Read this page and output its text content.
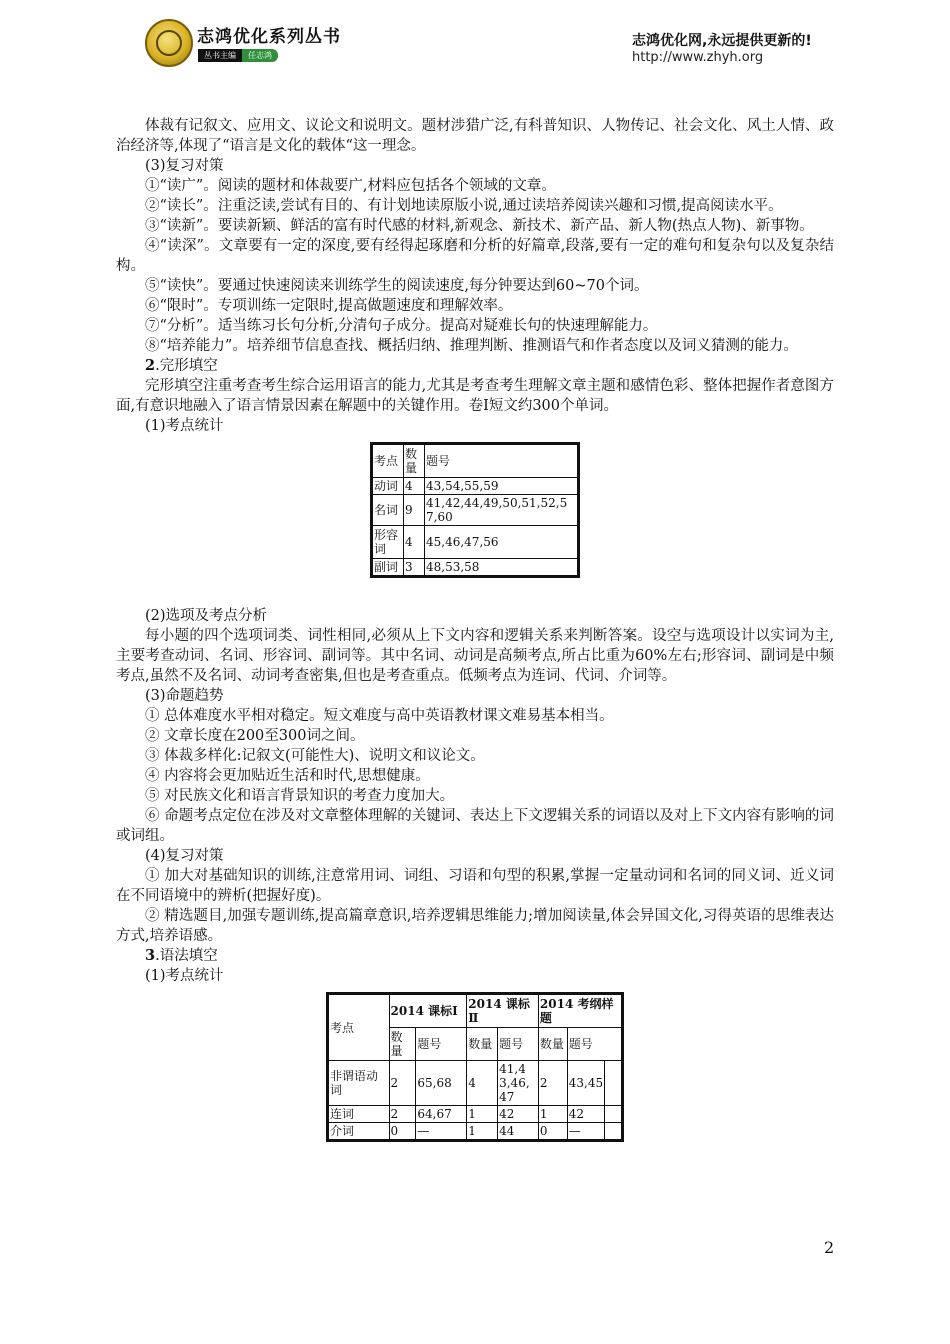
志鸿优化系列丛书
丛书主编	任志鸿
志鸿优化网,永远提供更新的!
http://www.zhyh.org

体裁有记叙文、应用文、议论文和说明文。题材涉猎广泛,有科普知识、人物传记、社会文化、风土人情、政治经济等,体现了“语言是文化的载体“这一理念。

(3)复习对策

①“读广”。阅读的题材和体裁要广,材料应包括各个领域的文章。

②“读长”。注重泛读,尝试有目的、有计划地读原版小说,通过读培养阅读兴趣和习惯,提高阅读水平。

③“读新”。要读新颖、鲜活的富有时代感的材料,新观念、新技术、新产品、新人物(热点人物)、新事物。

④“读深”。文章要有一定的深度,要有经得起琢磨和分析的好篇章,段落,要有一定的难句和复杂句以及复杂结构。

⑤“读快”。要通过快速阅读来训练学生的阅读速度,每分钟要达到60~70个词。

⑥“限时”。专项训练一定限时,提高做题速度和理解效率。

⑦“分析”。适当练习长句分析,分清句子成分。提高对疑难长句的快速理解能力。

⑧“培养能力”。培养细节信息查找、概括归纳、推理判断、推测语气和作者态度以及词义猜测的能力。

2.完形填空

完形填空注重考查考生综合运用语言的能力,尤其是考查考生理解文章主题和感情色彩、整体把握作者意图方面,有意识地融入了语言情景因素在解题中的关键作用。卷Ⅰ短文约300个单词。

(1)考点统计

考点	数量	题号
动词	4	43,54,55,59
名词	9	41,42,44,49,50,51,52,57,60
形容词	4	45,46,47,56
副词	3	48,53,58

(2)选项及考点分析

每小题的四个选项词类、词性相同,必须从上下文内容和逻辑关系来判断答案。设空与选项设计以实词为主,主要考查动词、名词、形容词、副词等。其中名词、动词是高频考点,所占比重为60%左右;形容词、副词是中频考点,虽然不及名词、动词考查密集,但也是考查重点。低频考点为连词、代词、介词等。

(3)命题趋势

① 总体难度水平相对稳定。短文难度与高中英语教材课文难易基本相当。

② 文章长度在200至300词之间。

③ 体裁多样化:记叙文(可能性大)、说明文和议论文。

④ 内容将会更加贴近生活和时代,思想健康。

⑤ 对民族文化和语言背景知识的考查力度加大。

⑥ 命题考点定位在涉及对文章整体理解的关键词、表达上下文逻辑关系的词语以及对上下文内容有影响的词或词组。

(4)复习对策

① 加大对基础知识的训练,注意常用词、词组、习语和句型的积累,掌握一定量动词和名词的同义词、近义词在不同语境中的辨析(把握好度)。

② 精选题目,加强专题训练,提高篇章意识,培养逻辑思维能力;增加阅读量,体会异国文化,习得英语的思维表达方式,培养语感。

3.语法填空

(1)考点统计

考点	2014 课标Ⅰ		2014 课标Ⅱ		2014 考纲样题		
	数量	题号	数量	题号	数量	题号	
非谓语动词	2	65,68	4	41,43,46,47	2	43,45	
连词	2	64,67	1	42	1	42	
介词	0	—	1	44	0	—	
2
